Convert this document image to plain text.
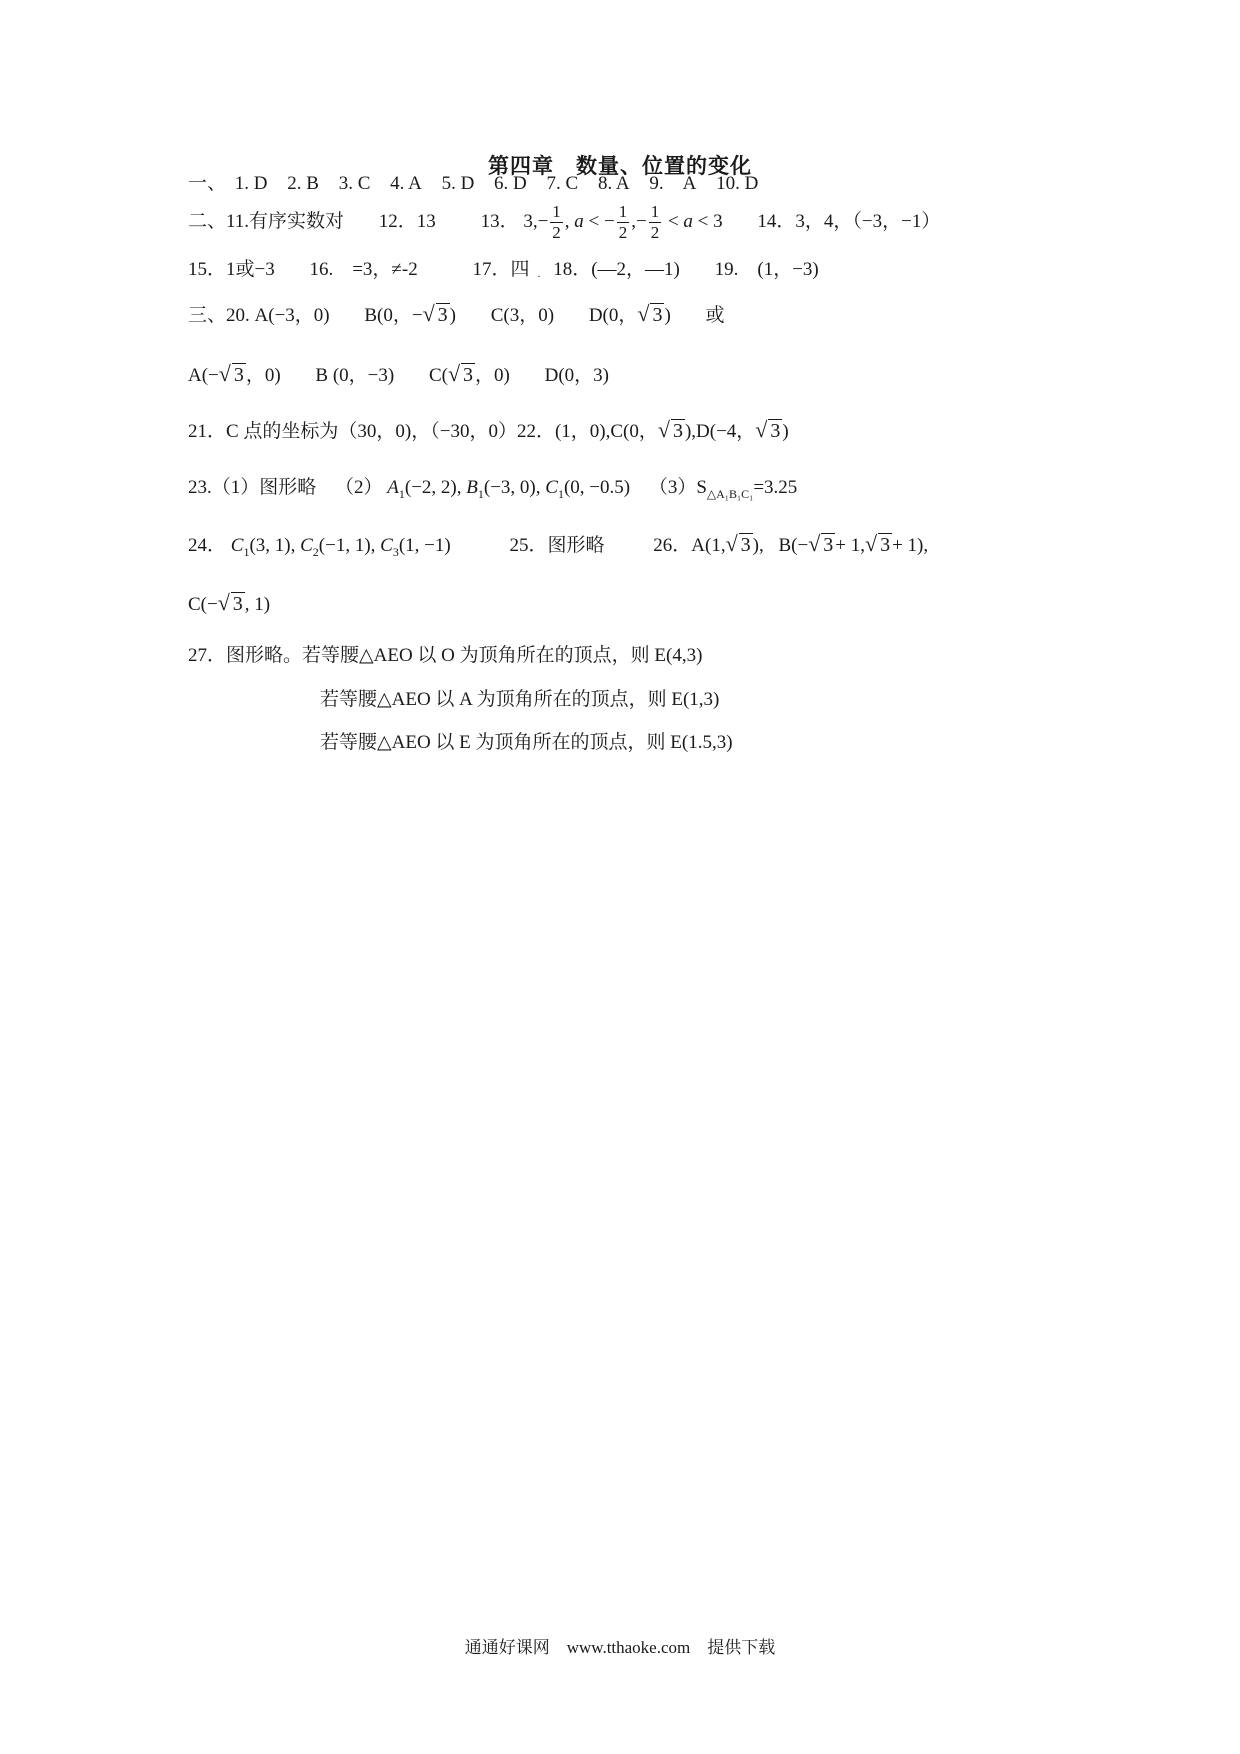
第四章　数量、位置的变化
一、 1. D 2. B 3. C 4. A 5. D 6. D 7. C 8. A 9.　A 10. D
二、11.有序实数对 12．13 13． $3,- \frac{1}{2}$ , a < − $\frac{1}{2}$ ,− $\frac{1}{2} < a < 3$ 14．3，4，（−3，−1）
15．1或−3 16.　=3，≠-2	17．四 . 18．(—2，—1) 19.　(1，−3)
三、20. A(−3，0) B(0，−√ 3 ) C(3，0) D(0，√ 3 ) 或
A(−√ 3 ，0) B (0，−3) C(√ 3 ，0) D(0，3)
21．C 点的坐标为（30，0)，（−30，0）22．(1，0),C(0，√ 3 ),D(−4，√ 3 )
23.（1）图形略 （2） $A_1(-2$, 2), $B_1(-3$, 0), $C_1(0$, −0.5) $(3)S_{\triangle A_1B_1C_1}=3.25$
24． $C_1(3$, 1), $C_2(-1$, 1), $C_3(1$, −1)	25．图形略	26．A(1,√ 3 ), B(−√ 3 + 1,√ 3 + 1),
C(−√ 3 , 1)
27．图形略。若等腰△AEO 以 O 为顶角所在的顶点，则 E(4,3)
若等腰△AEO 以 A 为顶角所在的顶点，则 E(1,3)
若等腰△AEO 以 E 为顶角所在的顶点，则 E(1.5,3)
通通好课网　www.tthaoke.com　提供下载
